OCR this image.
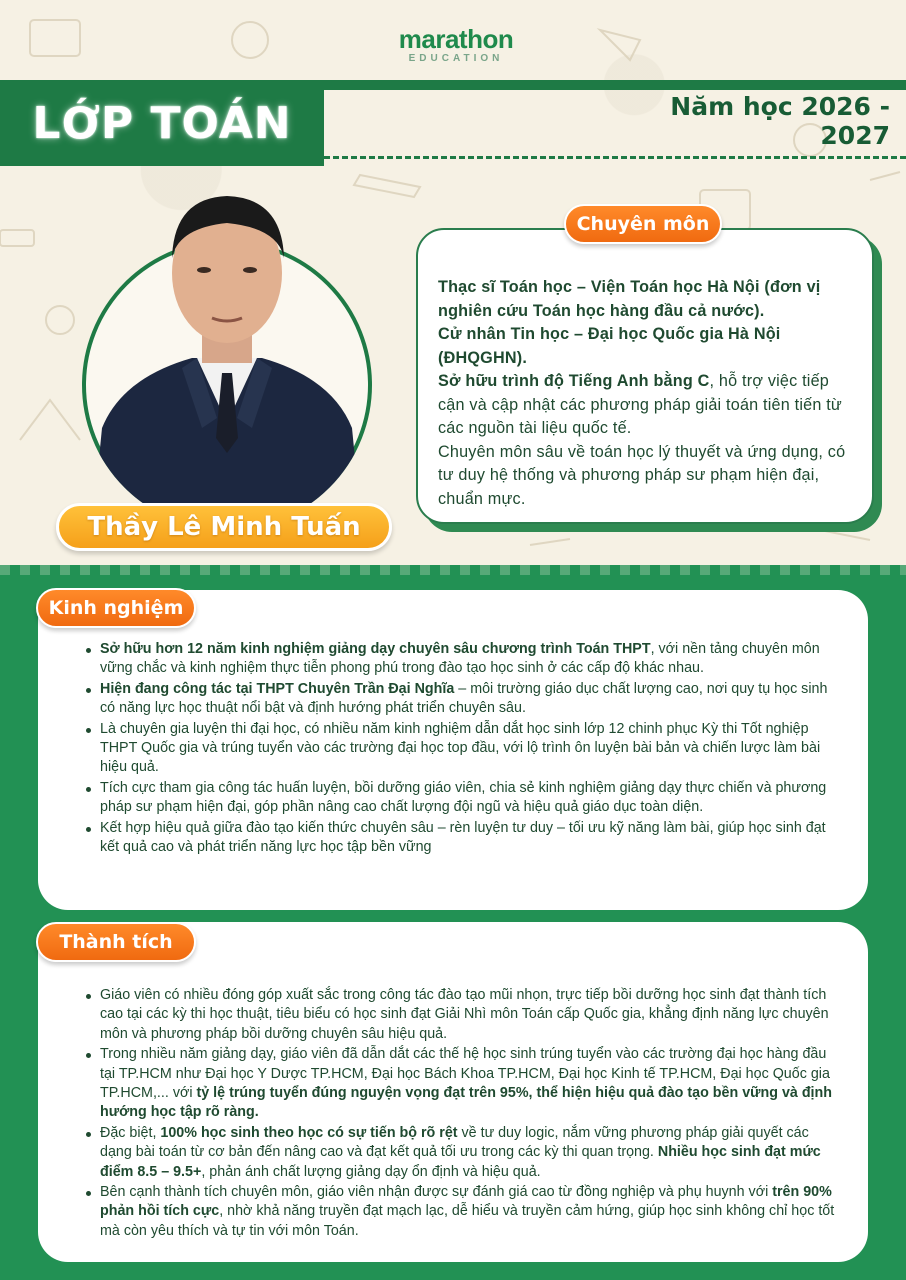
marathon
EDUCATION
LỚP TOÁN	Năm học 2026 - 2027
Thầy Lê Minh Tuấn

Thạc sĩ Toán học – Viện Toán học Hà Nội (đơn vị nghiên cứu Toán học hàng đầu cả nước).
Cử nhân Tin học – Đại học Quốc gia Hà Nội (ĐHQGHN).
Sở hữu trình độ Tiếng Anh bằng C, hỗ trợ việc tiếp cận và cập nhật các phương pháp giải toán tiên tiến từ các nguồn tài liệu quốc tế.
Chuyên môn sâu về toán học lý thuyết và ứng dụng, có tư duy hệ thống và phương pháp sư phạm hiện đại, chuẩn mực.

Chuyên môn
Sở hữu hơn 12 năm kinh nghiệm giảng dạy chuyên sâu chương trình Toán THPT, với nền tảng chuyên môn vững chắc và kinh nghiệm thực tiễn phong phú trong đào tạo học sinh ở các cấp độ khác nhau.
Hiện đang công tác tại THPT Chuyên Trần Đại Nghĩa – môi trường giáo dục chất lượng cao, nơi quy tụ học sinh có năng lực học thuật nổi bật và định hướng phát triển chuyên sâu.
Là chuyên gia luyện thi đại học, có nhiều năm kinh nghiệm dẫn dắt học sinh lớp 12 chinh phục Kỳ thi Tốt nghiệp THPT Quốc gia và trúng tuyển vào các trường đại học top đầu, với lộ trình ôn luyện bài bản và chiến lược làm bài hiệu quả.
Tích cực tham gia công tác huấn luyện, bồi dưỡng giáo viên, chia sẻ kinh nghiệm giảng dạy thực chiến và phương pháp sư phạm hiện đại, góp phần nâng cao chất lượng đội ngũ và hiệu quả giáo dục toàn diện.
Kết hợp hiệu quả giữa đào tạo kiến thức chuyên sâu – rèn luyện tư duy – tối ưu kỹ năng làm bài, giúp học sinh đạt kết quả cao và phát triển năng lực học tập bền vững
Kinh nghiệm
Giáo viên có nhiều đóng góp xuất sắc trong công tác đào tạo mũi nhọn, trực tiếp bồi dưỡng học sinh đạt thành tích cao tại các kỳ thi học thuật, tiêu biểu có học sinh đạt Giải Nhì môn Toán cấp Quốc gia, khẳng định năng lực chuyên môn và phương pháp bồi dưỡng chuyên sâu hiệu quả.
Trong nhiều năm giảng dạy, giáo viên đã dẫn dắt các thế hệ học sinh trúng tuyển vào các trường đại học hàng đầu tại TP.HCM như Đại học Y Dược TP.HCM, Đại học Bách Khoa TP.HCM, Đại học Kinh tế TP.HCM, Đại học Quốc gia TP.HCM,... với tỷ lệ trúng tuyển đúng nguyện vọng đạt trên 95%, thể hiện hiệu quả đào tạo bền vững và định hướng học tập rõ ràng.
Đặc biệt, 100% học sinh theo học có sự tiến bộ rõ rệt về tư duy logic, nắm vững phương pháp giải quyết các dạng bài toán từ cơ bản đến nâng cao và đạt kết quả tối ưu trong các kỳ thi quan trọng. Nhiều học sinh đạt mức điểm 8.5 – 9.5+, phản ánh chất lượng giảng dạy ổn định và hiệu quả.
Bên cạnh thành tích chuyên môn, giáo viên nhận được sự đánh giá cao từ đồng nghiệp và phụ huynh với trên 90% phản hồi tích cực, nhờ khả năng truyền đạt mạch lạc, dễ hiểu và truyền cảm hứng, giúp học sinh không chỉ học tốt mà còn yêu thích và tự tin với môn Toán.
Thành tích
